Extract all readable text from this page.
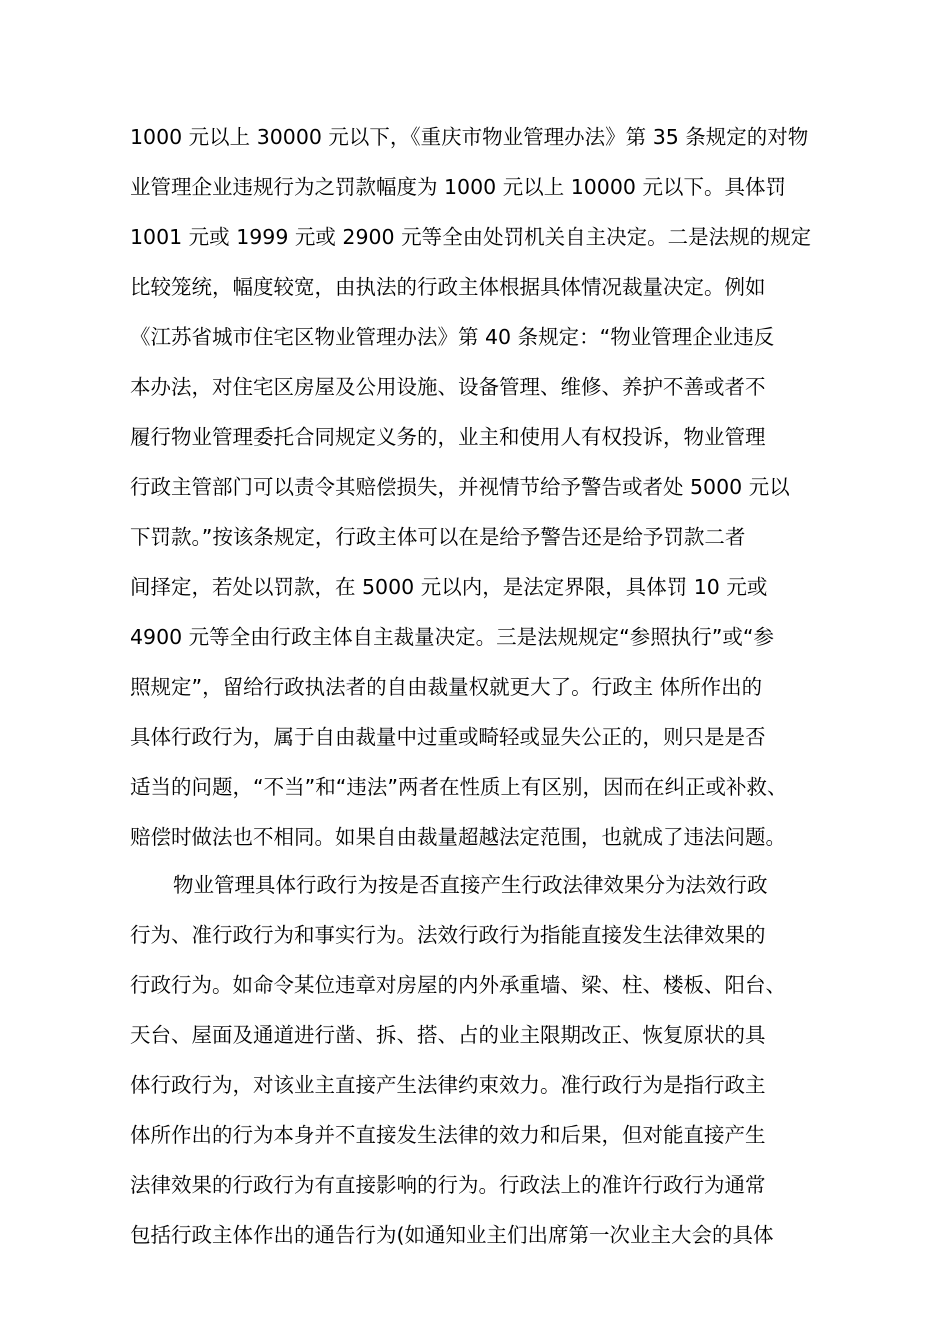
1000 元以上 30000 元以下，《重庆市物业管理办法》第 35 条规定的对物
业管理企业违规行为之罚款幅度为 1000 元以上 10000 元以下。具体罚
1001 元或 1999 元或 2900 元等全由处罚机关自主决定。二是法规的规定
比较笼统，幅度较宽，由执法的行政主体根据具体情况裁量决定。例如
《江苏省城市住宅区物业管理办法》第 40 条规定：“物业管理企业违反
本办法，对住宅区房屋及公用设施、设备管理、维修、养护不善或者不
履行物业管理委托合同规定义务的，业主和使用人有权投诉，物业管理
行政主管部门可以责令其赔偿损失，并视情节给予警告或者处 5000 元以
下罚款。”按该条规定，行政主体可以在是给予警告还是给予罚款二者
间择定，若处以罚款，在 5000 元以内，是法定界限，具体罚 10 元或
4900 元等全由行政主体自主裁量决定。三是法规规定“参照执行”或“参
照规定”，留给行政执法者的自由裁量权就更大了。行政主 体所作出的
具体行政行为，属于自由裁量中过重或畸轻或显失公正的，则只是是否
适当的问题，“不当”和“违法”两者在性质上有区别，因而在纠正或补救、
赔偿时做法也不相同。如果自由裁量超越法定范围，也就成了违法问题。
物业管理具体行政行为按是否直接产生行政法律效果分为法效行政
行为、准行政行为和事实行为。法效行政行为指能直接发生法律效果的
行政行为。如命令某位违章对房屋的内外承重墙、梁、柱、楼板、阳台、
天台、屋面及通道进行凿、拆、搭、占的业主限期改正、恢复原状的具
体行政行为，对该业主直接产生法律约束效力。准行政行为是指行政主
体所作出的行为本身并不直接发生法律的效力和后果，但对能直接产生
法律效果的行政行为有直接影响的行为。行政法上的准许行政行为通常
包括行政主体作出的通告行为(如通知业主们出席第一次业主大会的具体
